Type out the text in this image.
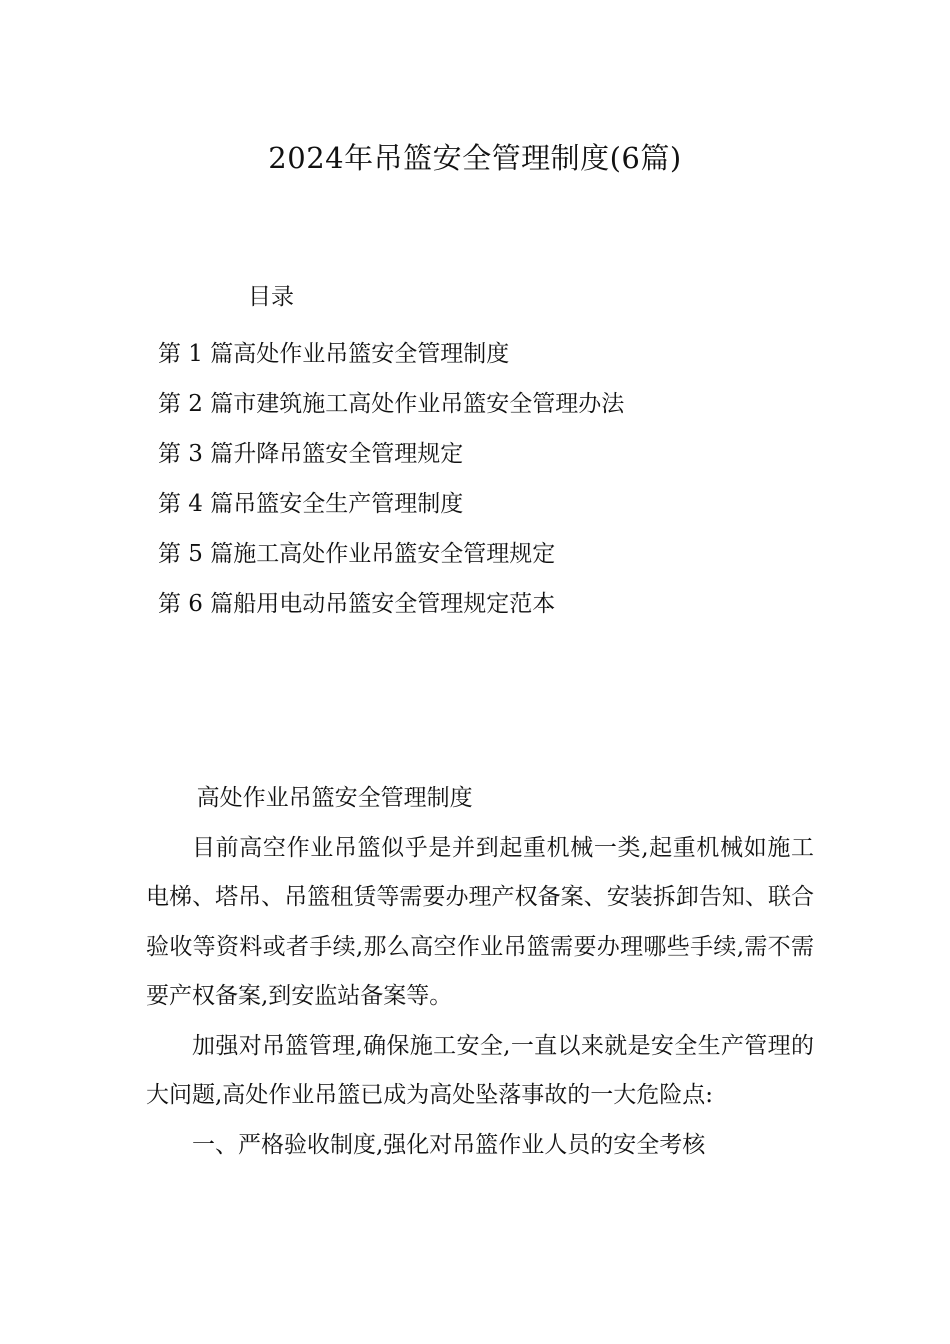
2024年吊篮安全管理制度(6篇)
目录
第 1 篇高处作业吊篮安全管理制度
第 2 篇市建筑施工高处作业吊篮安全管理办法
第 3 篇升降吊篮安全管理规定
第 4 篇吊篮安全生产管理制度
第 5 篇施工高处作业吊篮安全管理规定
第 6 篇船用电动吊篮安全管理规定范本

高处作业吊篮安全管理制度

目前高空作业吊篮似乎是并到起重机械一类,起重机械如施工电梯、塔吊、吊篮租赁等需要办理产权备案、安装拆卸告知、联合验收等资料或者手续,那么高空作业吊篮需要办理哪些手续,需不需要产权备案,到安监站备案等。

加强对吊篮管理,确保施工安全,一直以来就是安全生产管理的大问题,高处作业吊篮已成为高处坠落事故的一大危险点:

一、严格验收制度,强化对吊篮作业人员的安全考核
